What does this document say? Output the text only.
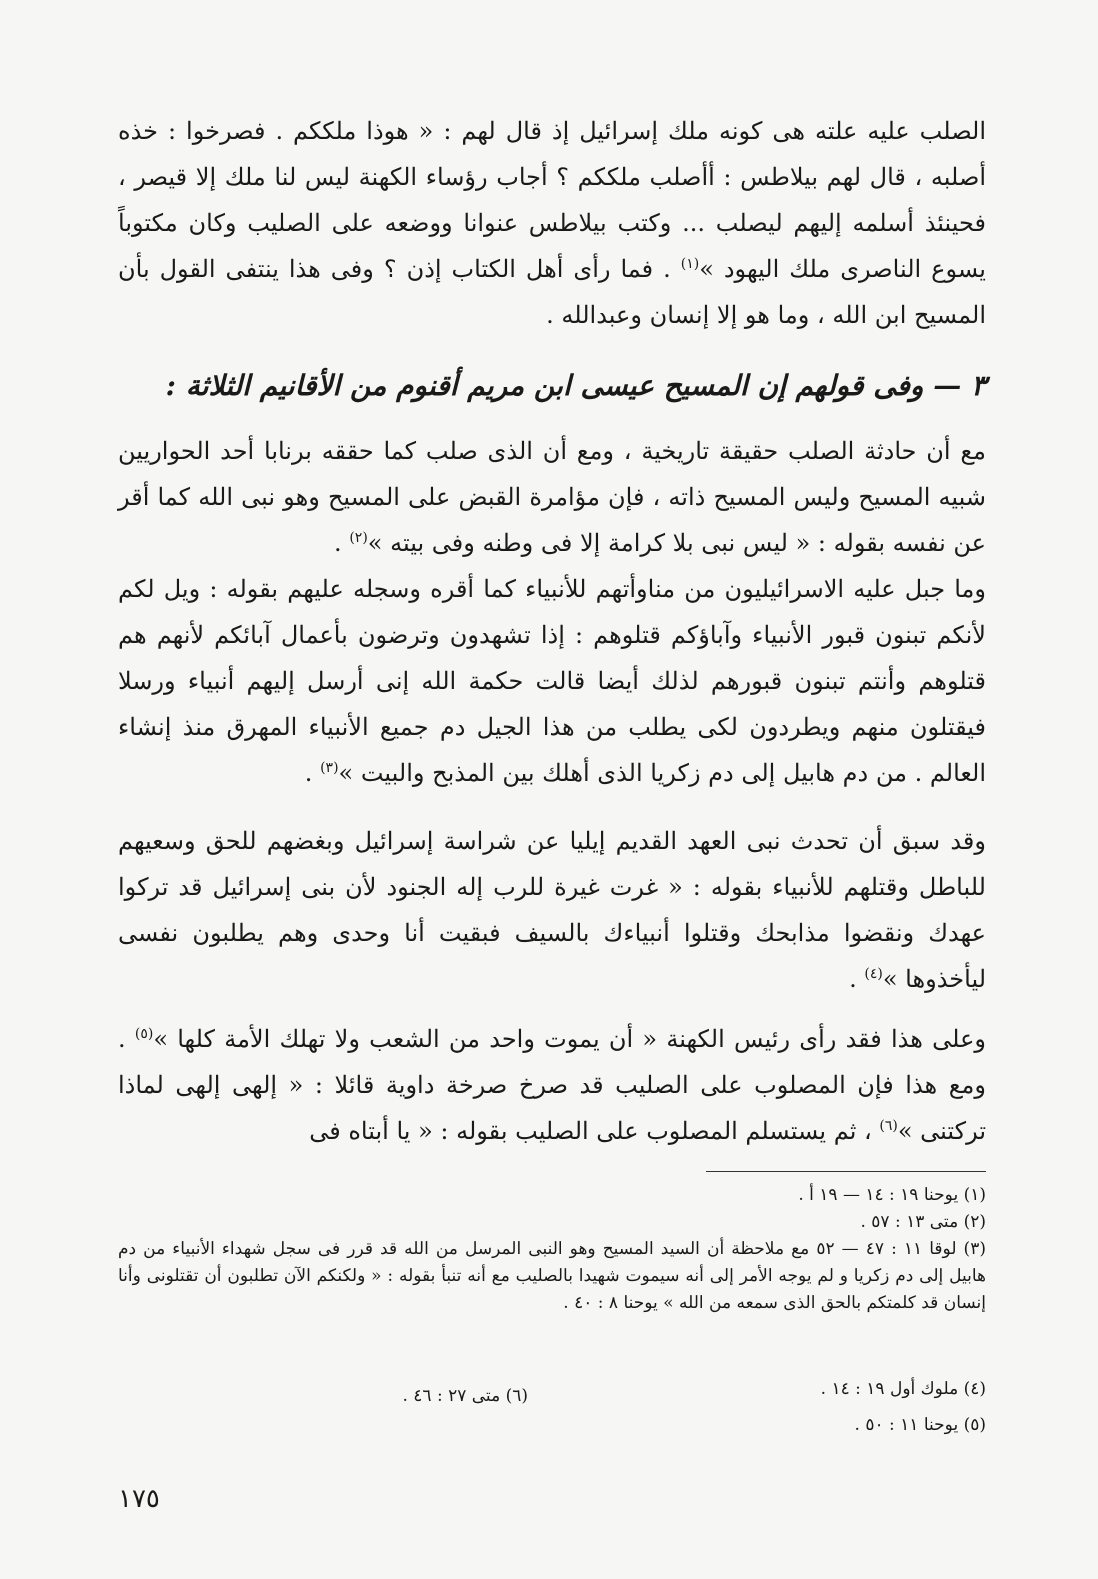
الصلب عليه علته هى كونه ملك إسرائيل إذ قال لهم : « هوذا ملككم . فصرخوا : خذه أصلبه ، قال لهم بيلاطس : أأصلب ملككم ؟ أجاب رؤساء الكهنة ليس لنا ملك إلا قيصر ، فحينئذ أسلمه إليهم ليصلب ... وكتب بيلاطس عنوانا ووضعه على الصليب وكان مكتوباً يسوع الناصرى ملك اليهود »$^{(١)}$ . فما رأى أهل الكتاب إذن ؟ وفى هذا ينتفى القول بأن المسيح ابن الله ، وما هو إلا إنسان وعبدالله .

٣ — وفى قولهم إن المسيح عيسى ابن مريم أقنوم من الأقانيم الثلاثة :

مع أن حادثة الصلب حقيقة تاريخية ، ومع أن الذى صلب كما حققه برنابا أحد الحواريين شبيه المسيح وليس المسيح ذاته ، فإن مؤامرة القبض على المسيح وهو نبى الله كما أقر عن نفسه بقوله : « ليس نبى بلا كرامة إلا فى وطنه وفى بيته »$^{(٢)}$ .

وما جبل عليه الاسرائيليون من مناوأتهم للأنبياء كما أقره وسجله عليهم بقوله : ويل لكم لأنكم تبنون قبور الأنبياء وآباؤكم قتلوهم : إذا تشهدون وترضون بأعمال آبائكم لأنهم هم قتلوهم وأنتم تبنون قبورهم لذلك أيضا قالت حكمة الله إنى أرسل إليهم أنبياء ورسلا فيقتلون منهم ويطردون لكى يطلب من هذا الجيل دم جميع الأنبياء المهرق منذ إنشاء العالم . من دم هابيل إلى دم زكريا الذى أهلك بين المذبح والبيت »$^{(٣)}$ .

وقد سبق أن تحدث نبى العهد القديم إيليا عن شراسة إسرائيل وبغضهم للحق وسعيهم للباطل وقتلهم للأنبياء بقوله : « غرت غيرة للرب إله الجنود لأن بنى إسرائيل قد تركوا عهدك ونقضوا مذابحك وقتلوا أنبياءك بالسيف فبقيت أنا وحدى وهم يطلبون نفسى ليأخذوها »$^{(٤)}$ .

وعلى هذا فقد رأى رئيس الكهنة « أن يموت واحد من الشعب ولا تهلك الأمة كلها »$^{(٥)}$ . ومع هذا فإن المصلوب على الصليب قد صرخ صرخة داوية قائلا : « إلهى إلهى لماذا تركتنى »$^{(٦)}$ ، ثم يستسلم المصلوب على الصليب بقوله : « يا أبتاه فى

(١) يوحنا ١٩ : ١٤ — ١٩ أ .

(٢) متى ١٣ : ٥٧ .

(٣) لوقا ١١ : ٤٧ — ٥٢ مع ملاحظة أن السيد المسيح وهو النبى المرسل من الله قد قرر فى سجل شهداء الأنبياء من دم هابيل إلى دم زكريا و لم يوجه الأمر إلى أنه سيموت شهيدا بالصليب مع أنه تنبأ بقوله : « ولكنكم الآن تطلبون أن تقتلونى وأنا إنسان قد كلمتكم بالحق الذى سمعه من الله » يوحنا ٨ : ٤٠ .

(٤) ملوك أول ١٩ : ١٤ .
(٥) يوحنا ١١ : ٥٠ .
(٦) متى ٢٧ : ٤٦ .
١٧٥
